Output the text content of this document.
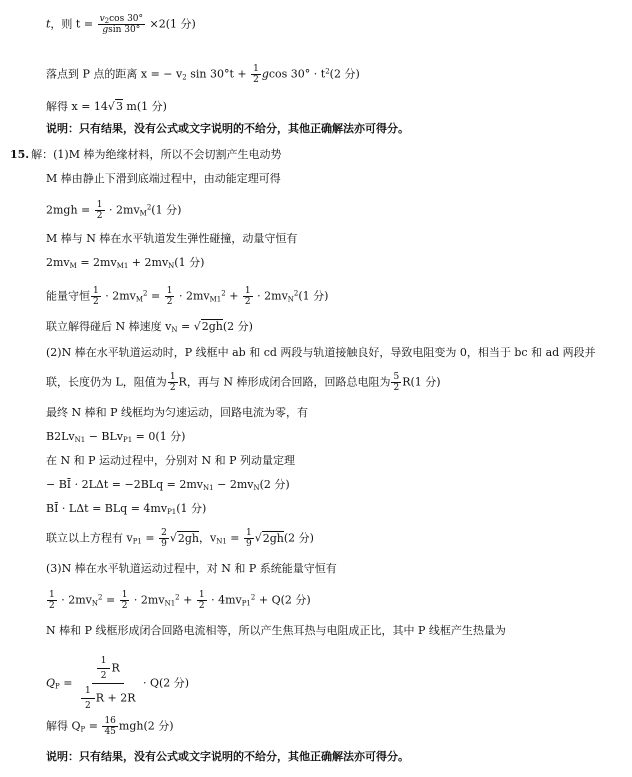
t，则 $t = \frac{v_2\cos 30^\circ}{gsin 30^\circ} \times 2(1$ 分)
落点到 P 点的距离 x = − $v_2$ $\sin 30^\circ t + \frac{1}{2}$ gcos $30^\circ \cdot t^2(2$ 分)
解得 x = 14√3 m(1 分)
说明：只有结果，没有公式或文字说明的不给分，其他正确解法亦可得分。
15. 解：(1)M 棒为绝缘材料，所以不会切割产生电动势
M 棒由静止下滑到底端过程中，由动能定理可得
$2mgh = \frac{1}{2} \cdot 2mv_M^2(1$ 分)
M 棒与 N 棒在水平轨道发生弹性碰撞，动量守恒有
$2mv_M = 2mv_{M1} + 2mv_N(1$ 分)
能量守恒 $\frac{1}{2} \cdot 2mv_M^2 = \frac{1}{2} \cdot 2mv_{M1}^2 + \frac{1}{2} \cdot 2mv_N^2(1$ 分)
联立解得碰后 N 棒速度 $v_N = √2gh(2$ 分)
(2)N 棒在水平轨道运动时，P 线框中 ab 和 cd 两段与轨道接触良好，导致电阻变为 0，相当于 bc 和 ad 两段并
联，长度仍为 L，阻值为 $\frac{1}{2}$ R，再与 N 棒形成闭合回路，回路总电阻为 $\frac{5}{2} R(1$ 分)
最终 N 棒和 P 线框均为匀速运动，回路电流为零，有
$B2Lv_{N1} - BLv_{P1} = 0(1$ 分)
在 N 和 P 运动过程中，分别对 N 和 P 列动量定理
− BĪ · $2L\Delta t = -2BLq = 2mv_{N1} - 2mv_N(2$ 分)
BĪ · LΔt = BLq = $4mv_{P1}(1$ 分)
联立以上方程有 $v_{P1} = \frac{2}{9} √2gh$，$v_{N1} = \frac{1}{9} √2gh(2$ 分)
(3)N 棒在水平轨道运动过程中，对 N 和 P 系统能量守恒有
$\frac{1}{2} \cdot 2mv_N^2 = \frac{1}{2} \cdot 2mv_{N1}^2 + \frac{1}{2} \cdot 4mv_{P1}^2 + Q(2$ 分)
N 棒和 P 线框形成闭合回路电流相等，所以产生焦耳热与电阻成正比，其中 P 线框产生热量为
$Q_P = \frac{\frac{1}{2} R}{\frac{1}{2} R + 2R} \cdot Q(2$ 分)
解得 $Q_P = \frac{16}{45} mgh(2$ 分)
说明：只有结果，没有公式或文字说明的不给分，其他正确解法亦可得分。
